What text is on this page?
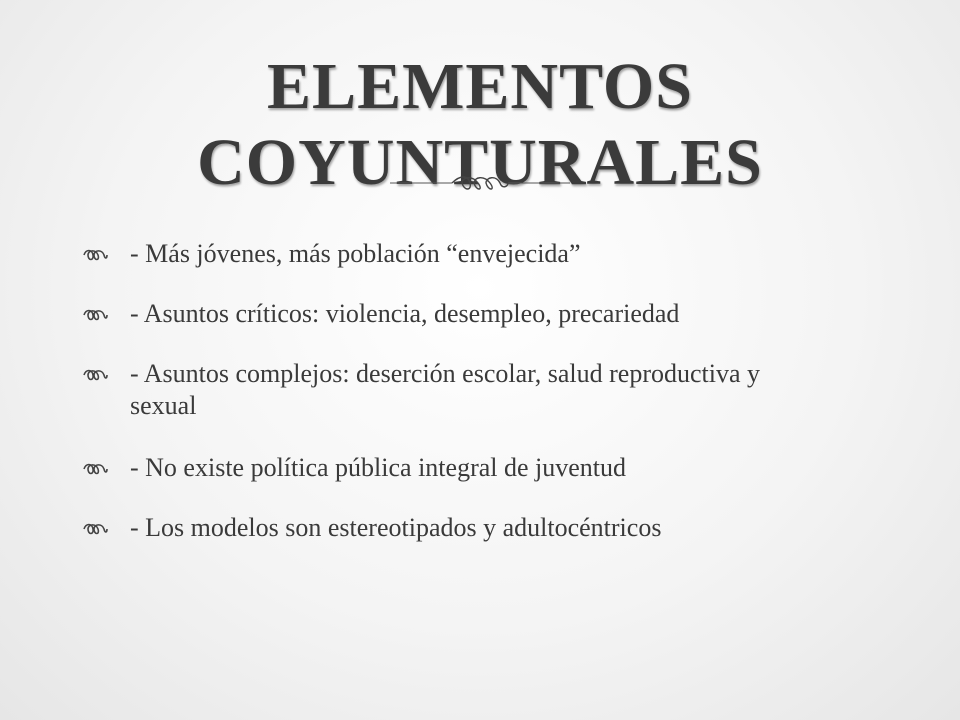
ELEMENTOS
COYUNTURALES
- Más jóvenes, más población “envejecida”
- Asuntos críticos: violencia, desempleo, precariedad
- Asuntos complejos: deserción escolar, salud reproductiva y sexual
- No existe política pública integral de juventud
- Los modelos son estereotipados y adultocéntricos
